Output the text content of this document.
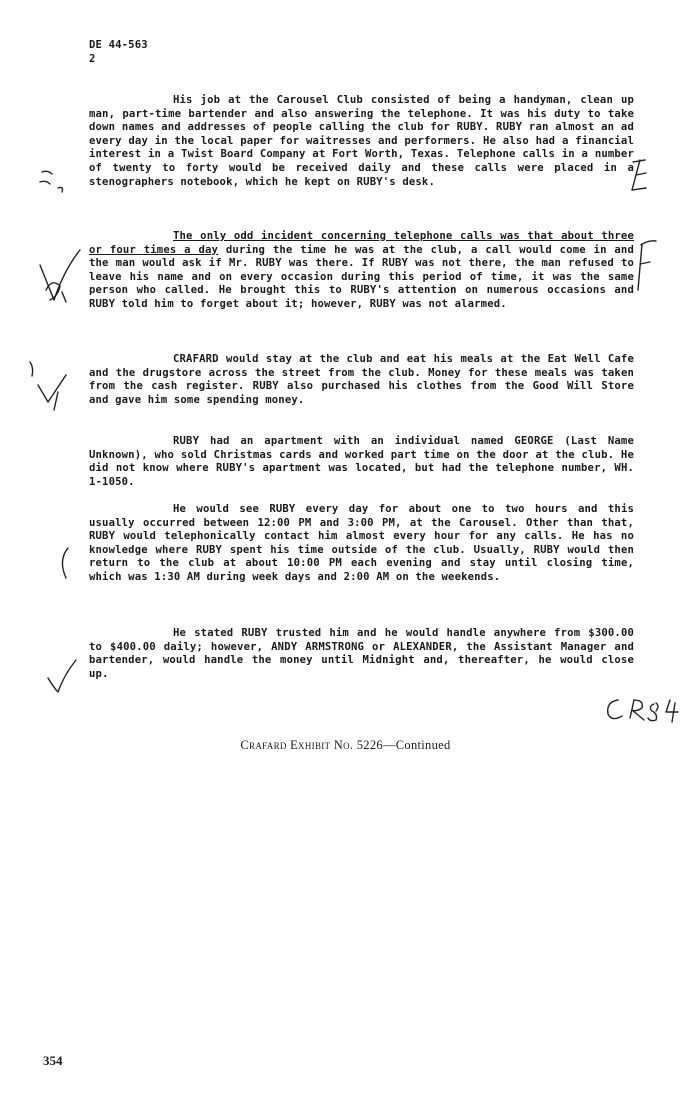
DE 44-563
2
His job at the Carousel Club consisted of being a handyman, clean up man, part-time bartender and also answering the telephone. It was his duty to take down names and addresses of people calling the club for RUBY. RUBY ran almost an ad every day in the local paper for waitresses and performers. He also had a financial interest in a Twist Board Company at Fort Worth, Texas. Telephone calls in a number of twenty to forty would be received daily and these calls were placed in a stenographers notebook, which he kept on RUBY's desk.
The only odd incident concerning telephone calls was that about three or four times a day during the time he was at the club, a call would come in and the man would ask if Mr. RUBY was there. If RUBY was not there, the man refused to leave his name and on every occasion during this period of time, it was the same person who called. He brought this to RUBY's attention on numerous occasions and RUBY told him to forget about it; however, RUBY was not alarmed.
CRAFARD would stay at the club and eat his meals at the Eat Well Cafe and the drugstore across the street from the club. Money for these meals was taken from the cash register. RUBY also purchased his clothes from the Good Will Store and gave him some spending money.
RUBY had an apartment with an individual named GEORGE (Last Name Unknown), who sold Christmas cards and worked part time on the door at the club. He did not know where RUBY's apartment was located, but had the telephone number, WH. 1-1050.
He would see RUBY every day for about one to two hours and this usually occurred between 12:00 PM and 3:00 PM, at the Carousel. Other than that, RUBY would telephonically contact him almost every hour for any calls. He has no knowledge where RUBY spent his time outside of the club. Usually, RUBY would then return to the club at about 10:00 PM each evening and stay until closing time, which was 1:30 AM during week days and 2:00 AM on the weekends.
He stated RUBY trusted him and he would handle anywhere from $300.00 to $400.00 daily; however, ANDY ARMSTRONG or ALEXANDER, the Assistant Manager and bartender, would handle the money until Midnight and, thereafter, he would close up.
Crafard Exhibit No. 5226—Continued
354
